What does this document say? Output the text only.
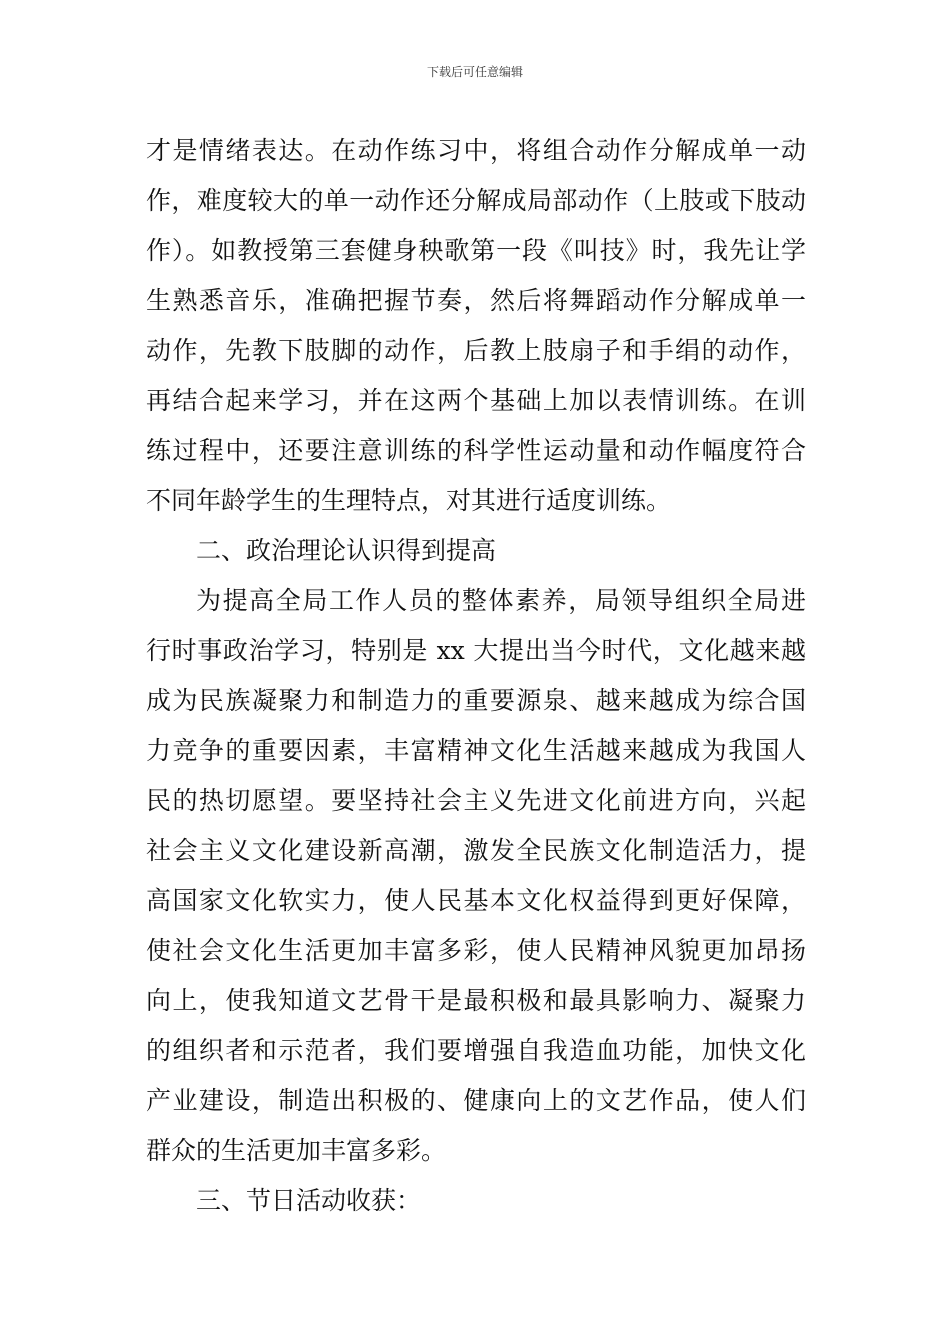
下载后可任意编辑
才是情绪表达。在动作练习中，将组合动作分解成单一动
作，难度较大的单一动作还分解成局部动作（上肢或下肢动
作）。如教授第三套健身秧歌第一段《叫技》时，我先让学
生熟悉音乐，准确把握节奏，然后将舞蹈动作分解成单一
动作，先教下肢脚的动作，后教上肢扇子和手绢的动作，
再结合起来学习，并在这两个基础上加以表情训练。在训
练过程中，还要注意训练的科学性运动量和动作幅度符合
不同年龄学生的生理特点，对其进行适度训练。
二、政治理论认识得到提高
为提高全局工作人员的整体素养，局领导组织全局进
行时事政治学习，特别是 xx 大提出当今时代，文化越来越
成为民族凝聚力和制造力的重要源泉、越来越成为综合国
力竞争的重要因素，丰富精神文化生活越来越成为我国人
民的热切愿望。要坚持社会主义先进文化前进方向，兴起
社会主义文化建设新高潮，激发全民族文化制造活力，提
高国家文化软实力，使人民基本文化权益得到更好保障，
使社会文化生活更加丰富多彩，使人民精神风貌更加昂扬
向上，使我知道文艺骨干是最积极和最具影响力、凝聚力
的组织者和示范者，我们要增强自我造血功能，加快文化
产业建设，制造出积极的、健康向上的文艺作品，使人们
群众的生活更加丰富多彩。
三、节日活动收获：
